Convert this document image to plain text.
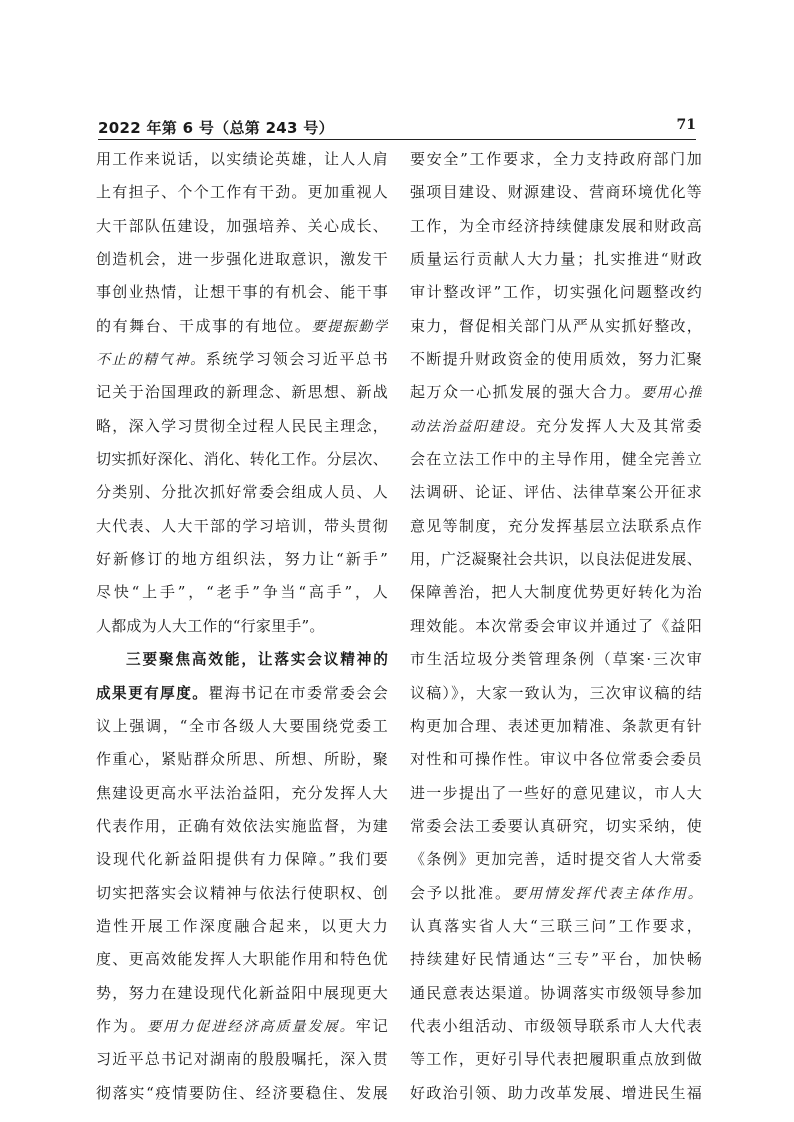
2022 年第 6 号（总第 243 号）	71
用工作来说话，以实绩论英雄，让人人肩
上有担子、个个工作有干劲。更加重视人
大干部队伍建设，加强培养、关心成长、
创造机会，进一步强化进取意识，激发干
事创业热情，让想干事的有机会、能干事
的有舞台、干成事的有地位。要提振勤学
不止的精气神。系统学习领会习近平总书
记关于治国理政的新理念、新思想、新战
略，深入学习贯彻全过程人民民主理念，
切实抓好深化、消化、转化工作。分层次、
分类别、分批次抓好常委会组成人员、人
大代表、人大干部的学习培训，带头贯彻
好新修订的地方组织法，努力让“新手”
尽快“上手”，“老手”争当“高手”，人
人都成为人大工作的“行家里手”。
三要聚焦高效能，让落实会议精神的
成果更有厚度。瞿海书记在市委常委会会
议上强调，“全市各级人大要围绕党委工
作重心，紧贴群众所思、所想、所盼，聚
焦建设更高水平法治益阳，充分发挥人大
代表作用，正确有效依法实施监督，为建
设现代化新益阳提供有力保障。”我们要
切实把落实会议精神与依法行使职权、创
造性开展工作深度融合起来，以更大力
度、更高效能发挥人大职能作用和特色优
势，努力在建设现代化新益阳中展现更大
作为。要用力促进经济高质量发展。牢记
习近平总书记对湖南的殷殷嘱托，深入贯
彻落实“疫情要防住、经济要稳住、发展
要安全”工作要求，全力支持政府部门加
强项目建设、财源建设、营商环境优化等
工作，为全市经济持续健康发展和财政高
质量运行贡献人大力量；扎实推进“财政
审计整改评”工作，切实强化问题整改约
束力，督促相关部门从严从实抓好整改，
不断提升财政资金的使用质效，努力汇聚
起万众一心抓发展的强大合力。要用心推
动法治益阳建设。充分发挥人大及其常委
会在立法工作中的主导作用，健全完善立
法调研、论证、评估、法律草案公开征求
意见等制度，充分发挥基层立法联系点作
用，广泛凝聚社会共识，以良法促进发展、
保障善治，把人大制度优势更好转化为治
理效能。本次常委会审议并通过了《益阳
市生活垃圾分类管理条例（草案·三次审
议稿）》，大家一致认为，三次审议稿的结
构更加合理、表述更加精准、条款更有针
对性和可操作性。审议中各位常委会委员
进一步提出了一些好的意见建议，市人大
常委会法工委要认真研究，切实采纳，使
《条例》更加完善，适时提交省人大常委
会予以批准。要用情发挥代表主体作用。
认真落实省人大“三联三问”工作要求，
持续建好民情通达“三专”平台，加快畅
通民意表达渠道。协调落实市级领导参加
代表小组活动、市级领导联系市人大代表
等工作，更好引导代表把履职重点放到做
好政治引领、助力改革发展、增进民生福
